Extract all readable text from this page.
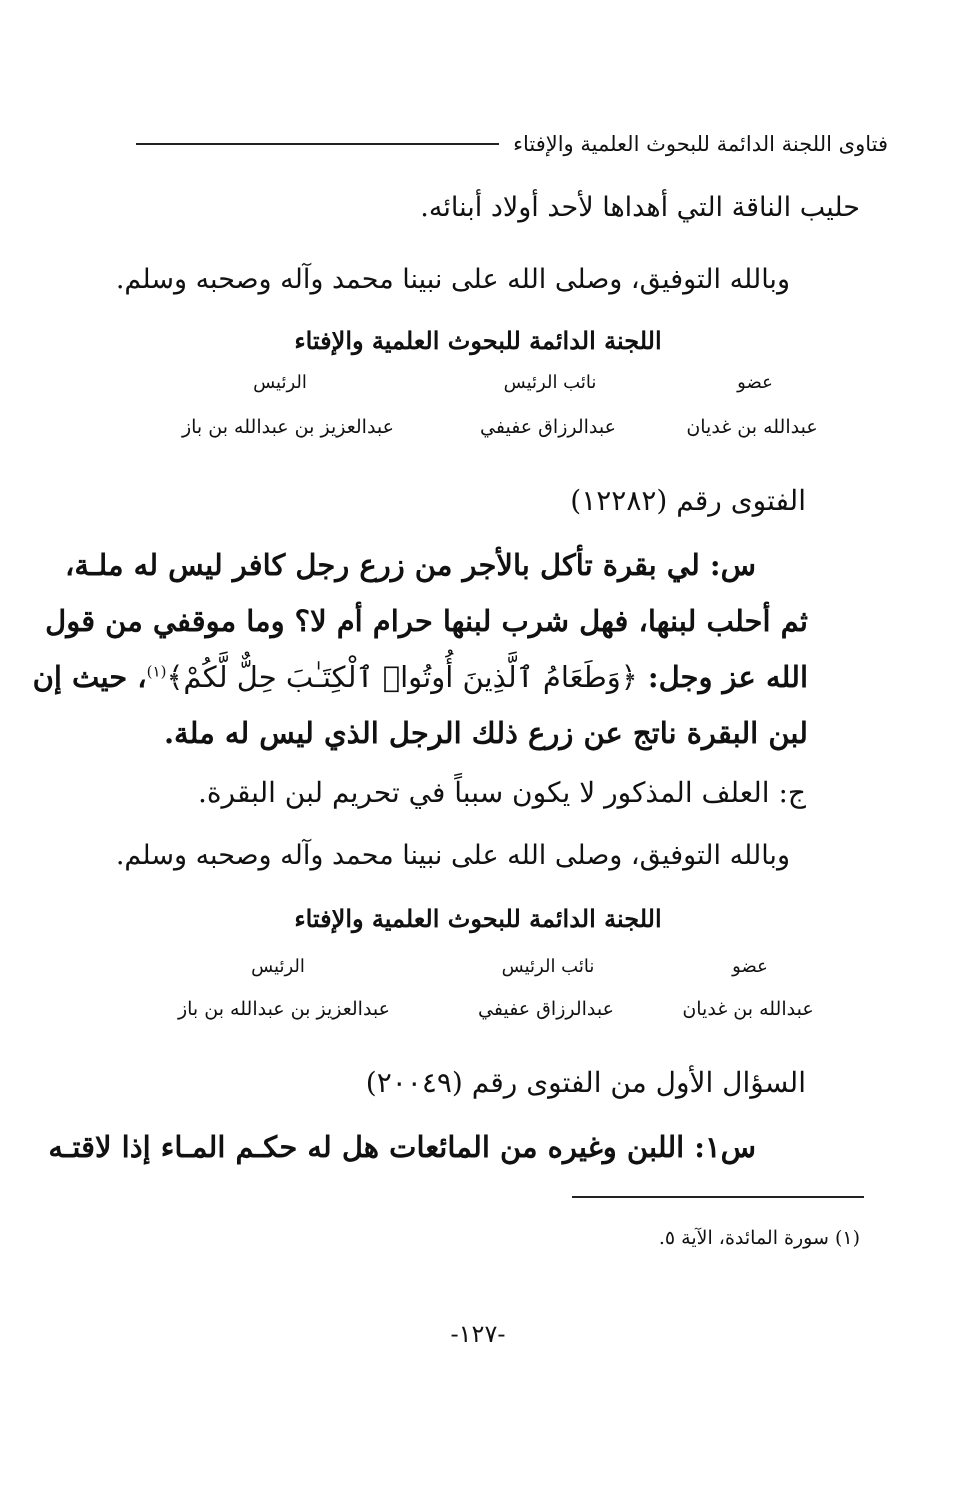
فتاوى اللجنة الدائمة للبحوث العلمية والإفتاء
حليب الناقة التي أهداها لأحد أولاد أبنائه.
وبالله التوفيق، وصلى الله على نبينا محمد وآله وصحبه وسلم.
اللجنة الدائمة للبحوث العلمية والإفتاء
عضو
نائب الرئيس
الرئيس
عبدالله بن غديان
عبدالرزاق عفيفي
عبدالعزيز بن عبدالله بن باز
الفتوى رقم (١٢٢٨٢)
س: لي بقرة تأكل بالأجر من زرع رجل كافر ليس له ملـة،
ثم أحلب لبنها، فهل شرب لبنها حرام أم لا؟ وما موقفي من قول
الله عز وجل: ﴿وَطَعَامُ ٱلَّذِينَ أُوتُوا۟ ٱلْكِتَـٰبَ حِلٌّ لَّكُمْ﴾$^{(١)}$، حيث إن
لبن البقرة ناتج عن زرع ذلك الرجل الذي ليس له ملة.
ج: العلف المذكور لا يكون سبباً في تحريم لبن البقرة.
وبالله التوفيق، وصلى الله على نبينا محمد وآله وصحبه وسلم.
اللجنة الدائمة للبحوث العلمية والإفتاء
عضو
نائب الرئيس
الرئيس
عبدالله بن غديان
عبدالرزاق عفيفي
عبدالعزيز بن عبدالله بن باز
السؤال الأول من الفتوى رقم (٢٠٠٤٩)
س١: اللبن وغيره من المائعات هل له حكـم المـاء إذا لاقتـه
(١) سورة المائدة، الآية ٥.
-١٢٧-
